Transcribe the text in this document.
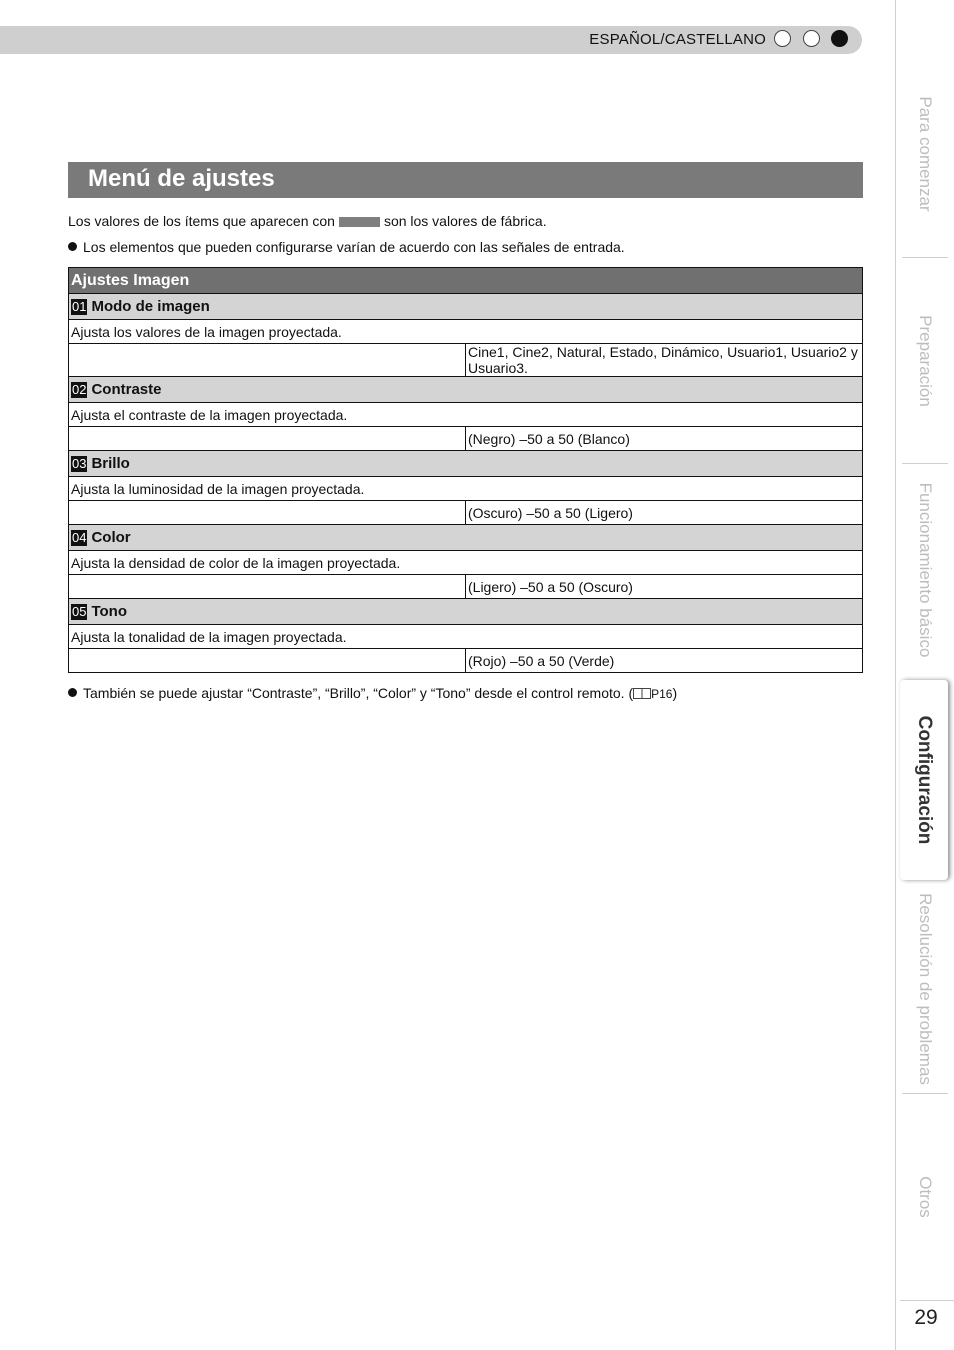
ESPAÑOL/CASTELLANO
Menú de ajustes
Los valores de los ítems que aparecen con	son los valores de fábrica.
Los elementos que pueden configurarse varían de acuerdo con las señales de entrada.
Ajustes Imagen	
01 Modo de imagen	
Ajusta los valores de la imagen proyectada.	
	Cine1, Cine2, Natural, Estado, Dinámico, Usuario1, Usuario2 y Usuario3.
02 Contraste	
Ajusta el contraste de la imagen proyectada.	
	(Negro) –50 a 50 (Blanco)
03 Brillo	
Ajusta la luminosidad de la imagen proyectada.	
	(Oscuro) –50 a 50 (Ligero)
04 Color	
Ajusta la densidad de color de la imagen proyectada.	
	(Ligero) –50 a 50 (Oscuro)
05 Tono	
Ajusta la tonalidad de la imagen proyectada.	
	(Rojo) –50 a 50 (Verde)
También se puede ajustar “Contraste”, “Brillo”, “Color” y “Tono” desde el control remoto. ( P16)
Para comenzar
Preparación
Funcionamiento básico
Configuración
Resolución de problemas
Otros
29
